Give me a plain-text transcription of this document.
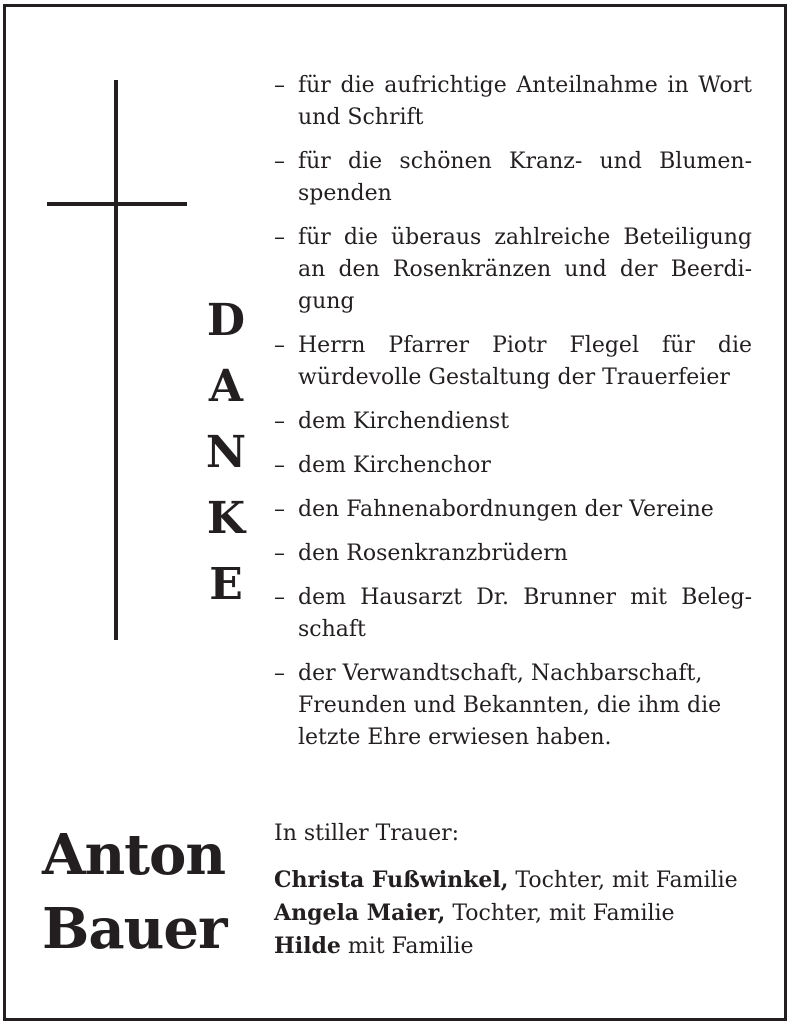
D
A
N
K
E
– für die aufrichtige Anteilnahme in Wort und Schrift
– für die schönen Kranz- und Blumenspenden
– für die überaus zahlreiche Beteiligung an den Rosenkränzen und der Beerdigung
– Herrn Pfarrer Piotr Flegel für die würdevolle Gestaltung der Trauerfeier
– dem Kirchendienst
– dem Kirchenchor
– den Fahnenabordnungen der Vereine
– den Rosenkranzbrüdern
– dem Hausarzt Dr. Brunner mit Belegschaft
– der Verwandtschaft, Nachbarschaft, Freunden und Bekannten, die ihm die letzte Ehre erwiesen haben.
Anton
Bauer
In stiller Trauer:
Christa Fußwinkel, Tochter, mit Familie
Angela Maier, Tochter, mit Familie
Hilde mit Familie
